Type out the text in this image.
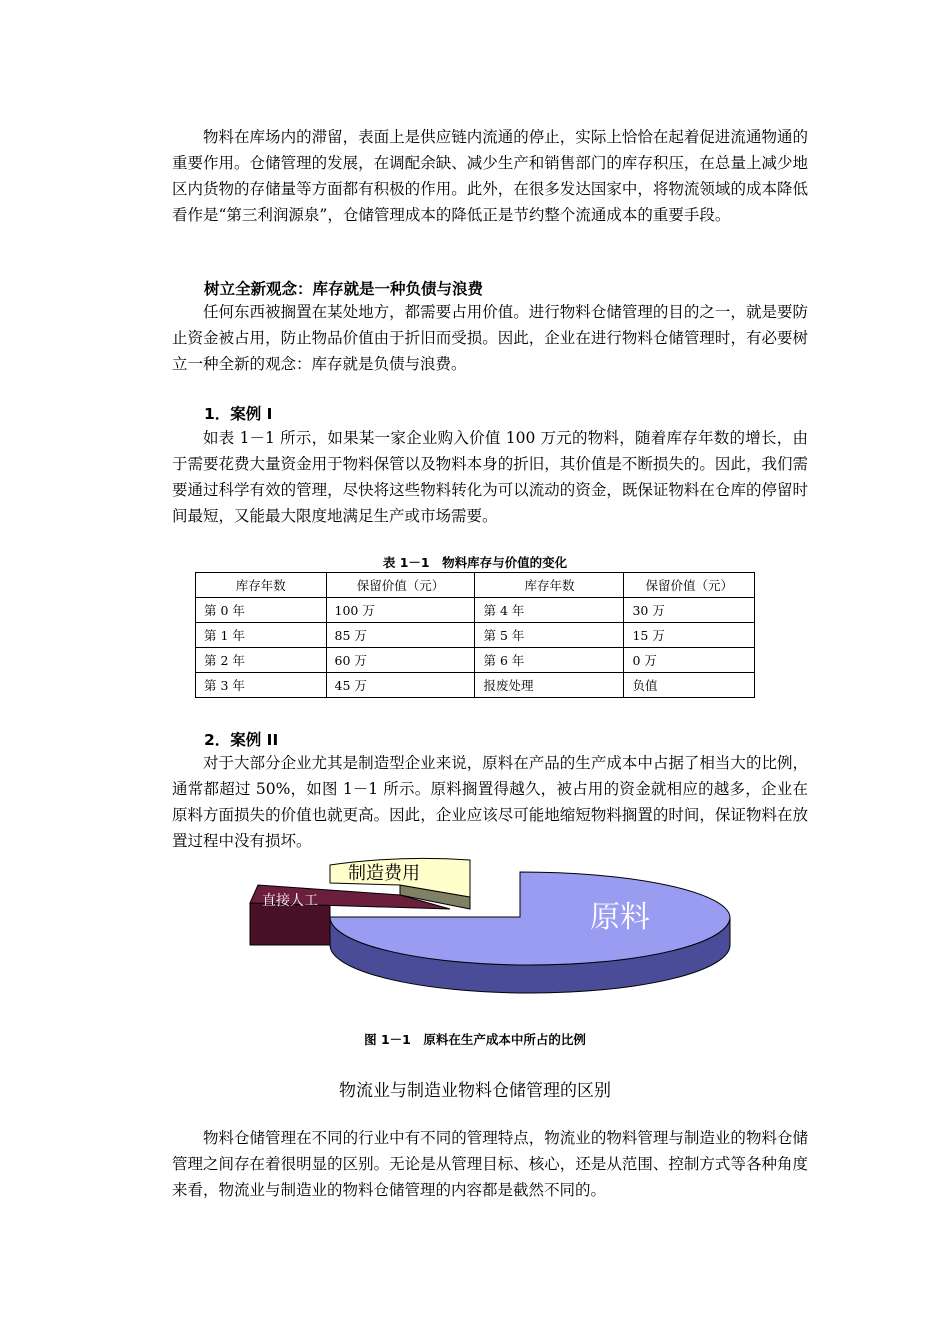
物料在库场内的滞留，表面上是供应链内流通的停止，实际上恰恰在起着促进流通物通的重要作用。仓储管理的发展，在调配余缺、减少生产和销售部门的库存积压，在总量上减少地区内货物的存储量等方面都有积极的作用。此外，在很多发达国家中，将物流领域的成本降低看作是“第三利润源泉”，仓储管理成本的降低正是节约整个流通成本的重要手段。

树立全新观念：库存就是一种负债与浪费

任何东西被搁置在某处地方，都需要占用价值。进行物料仓储管理的目的之一，就是要防止资金被占用，防止物品价值由于折旧而受损。因此，企业在进行物料仓储管理时，有必要树立一种全新的观念：库存就是负债与浪费。

1．案例 I

如表 1－1 所示，如果某一家企业购入价值 100 万元的物料，随着库存年数的增长，由于需要花费大量资金用于物料保管以及物料本身的折旧，其价值是不断损失的。因此，我们需要通过科学有效的管理，尽快将这些物料转化为可以流动的资金，既保证物料在仓库的停留时间最短，又能最大限度地满足生产或市场需要。

表 1－1　物料库存与价值的变化
库存年数	保留价值（元）	库存年数	保留价值（元）
第 0 年	100 万	第 4 年	30 万
第 1 年	85 万	第 5 年	15 万
第 2 年	60 万	第 6 年	0 万
第 3 年	45 万	报废处理	负值

2．案例 II

对于大部分企业尤其是制造型企业来说，原料在产品的生产成本中占据了相当大的比例，通常都超过 50%，如图 1－1 所示。原料搁置得越久，被占用的资金就相应的越多，企业在原料方面损失的价值也就更高。因此，企业应该尽可能地缩短物料搁置的时间，保证物料在放置过程中没有损坏。

原料
直接人工
制造费用
图 1－1　原料在生产成本中所占的比例
物流业与制造业物料仓储管理的区别

物料仓储管理在不同的行业中有不同的管理特点，物流业的物料管理与制造业的物料仓储管理之间存在着很明显的区别。无论是从管理目标、核心，还是从范围、控制方式等各种角度来看，物流业与制造业的物料仓储管理的内容都是截然不同的。
